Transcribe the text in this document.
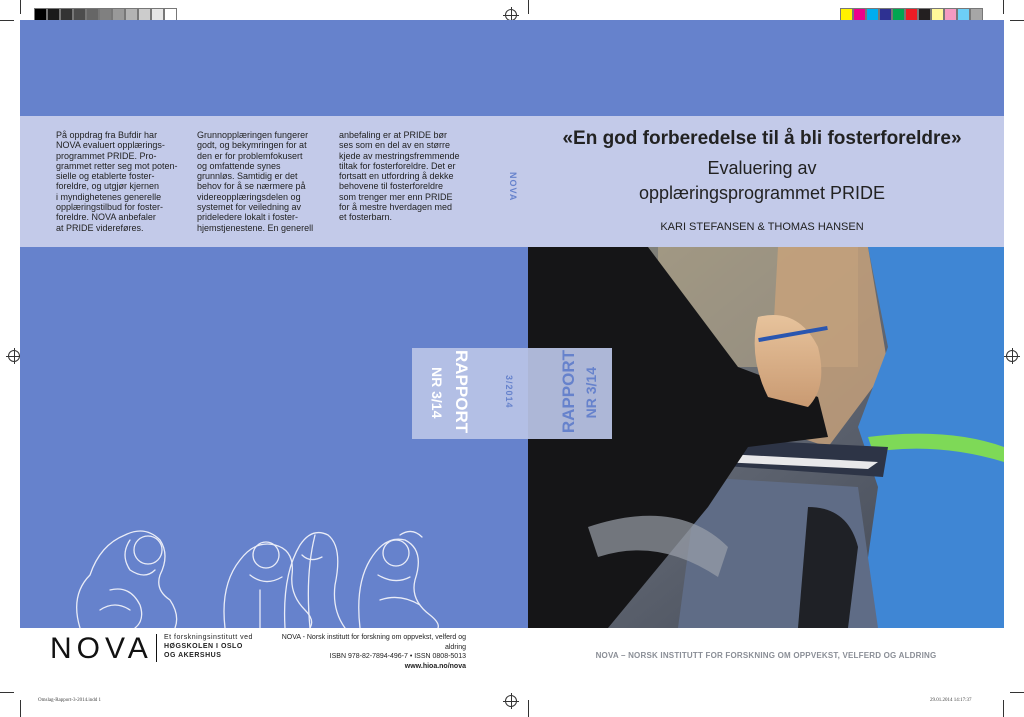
På oppdrag fra Bufdir har
NOVA evaluert opplærings-
programmet PRIDE. Pro-
grammet retter seg mot poten-
sielle og etablerte foster-
foreldre, og utgjør kjernen
i myndighetenes generelle
opplæringstilbud for foster-
foreldre. NOVA anbefaler
at PRIDE videreføres.
Grunnopplæringen fungerer
godt, og bekymringen for at
den er for problemfokusert
og omfattende synes
grunnløs. Samtidig er det
behov for å se nærmere på
videreopplæringsdelen og
systemet for veiledning av
prideledere lokalt i foster-
hjemstjenestene. En generell
anbefaling er at PRIDE bør
ses som en del av en større
kjede av mestringsfremmende
tiltak for fosterforeldre. Det er
fortsatt en utfordring å dekke
behovene til fosterforeldre
som trenger mer enn PRIDE
for å mestre hverdagen med
et fosterbarn.
NOVA
«En god forberedelse til å bli fosterforeldre»
Evaluering av
opplæringsprogrammet PRIDE
KARI STEFANSEN & THOMAS HANSEN
RAPPORT
NR 3/14	3/2014	RAPPORT NR 3/14
NOVA Et forskningsinstitutt ved
HØGSKOLEN I OSLO
OG AKERSHUS
NOVA - Norsk institutt for forskning om oppvekst, velferd og aldring
ISBN 978-82-7894-496-7 • ISSN 0808-5013
www.hioa.no/nova
NOVA – NORSK INSTITUTT FOR FORSKNING OM OPPVEKST, VELFERD OG ALDRING
Omslag-Rapport-3-2014.indd 1	29.01.2014 14:17:37
